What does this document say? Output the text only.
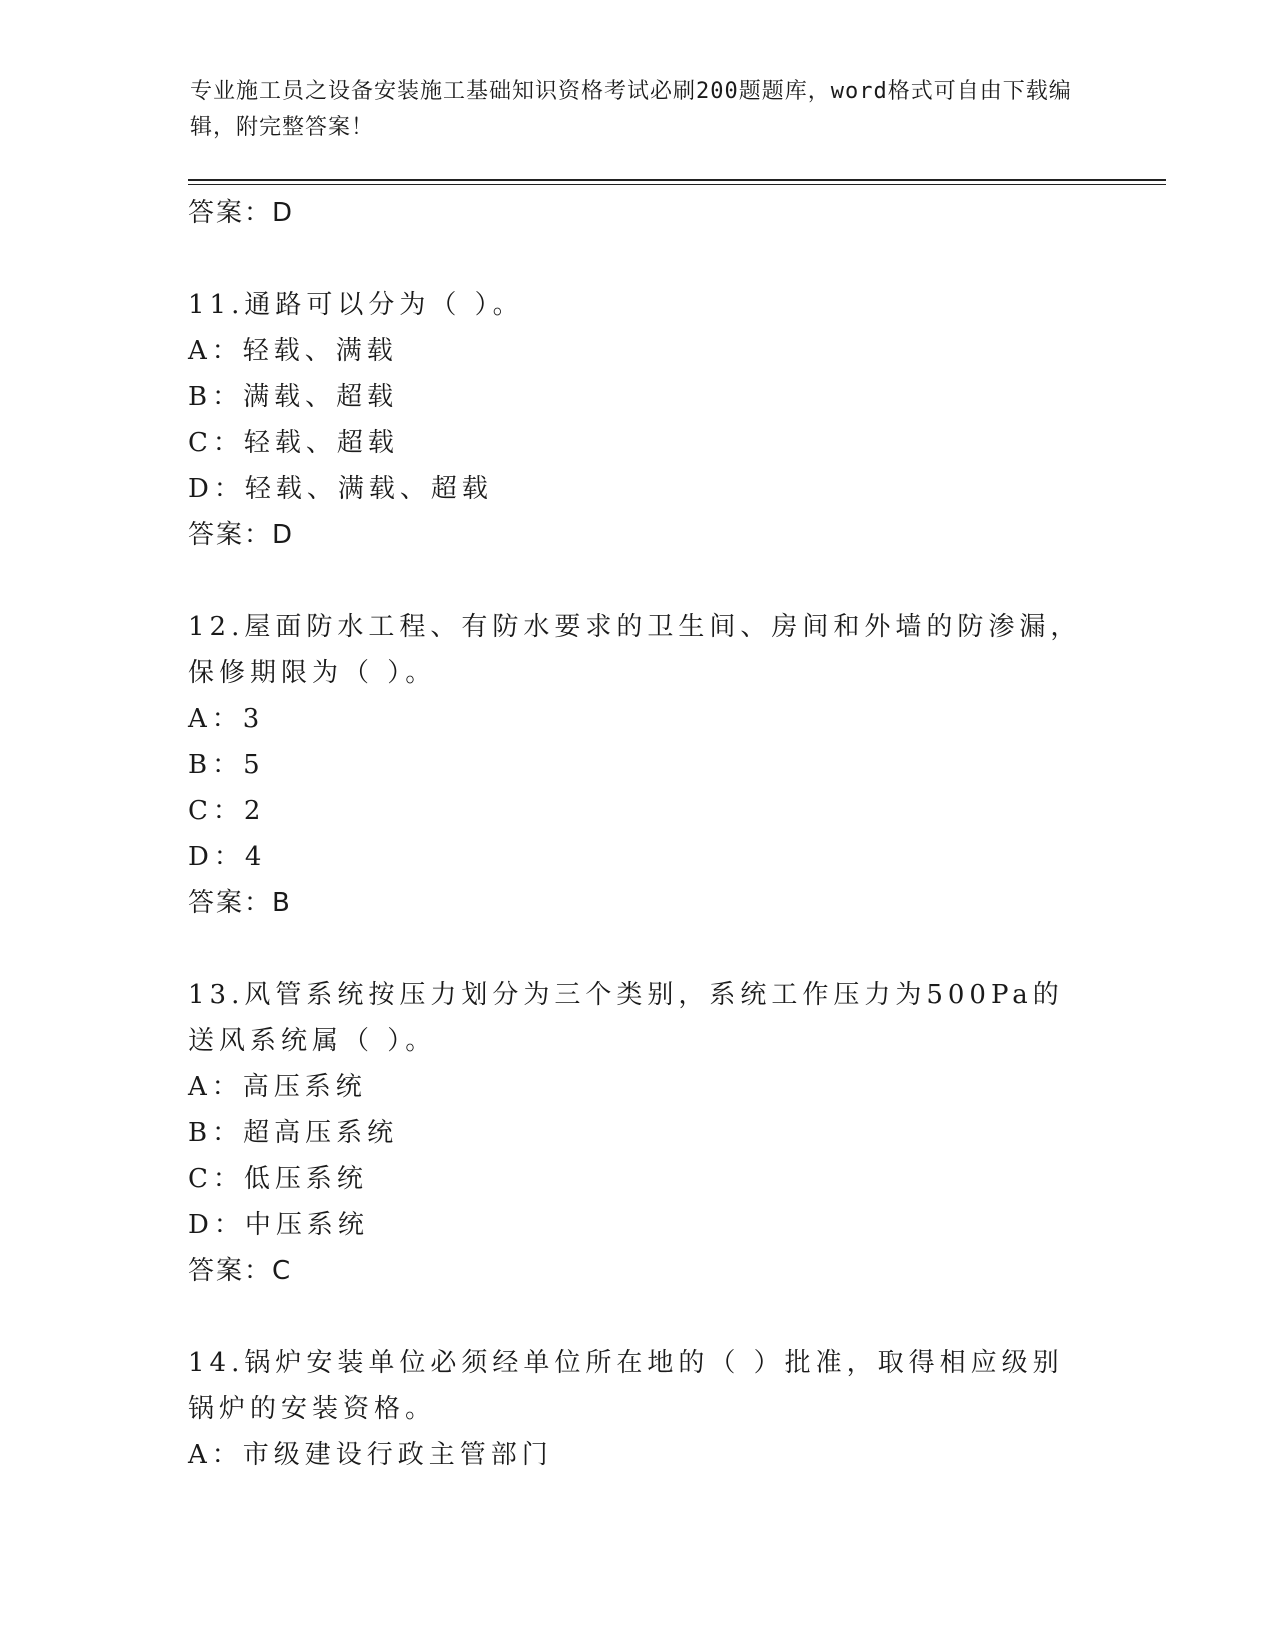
专业施工员之设备安装施工基础知识资格考试必刷200题题库，word格式可自由下载编辑，附完整答案！
答案：D
11.通路可以分为（ ）。
A：轻载、满载
B：满载、超载
C：轻载、超载
D：轻载、满载、超载
答案：D
12.屋面防水工程、有防水要求的卫生间、房间和外墙的防渗漏，保修期限为（ ）。
A：3
B：5
C：2
D：4
答案：B
13.风管系统按压力划分为三个类别，系统工作压力为500Pa的送风系统属（ ）。
A：高压系统
B：超高压系统
C：低压系统
D：中压系统
答案：C
14.锅炉安装单位必须经单位所在地的（ ）批准，取得相应级别锅炉的安装资格。
A：市级建设行政主管部门
